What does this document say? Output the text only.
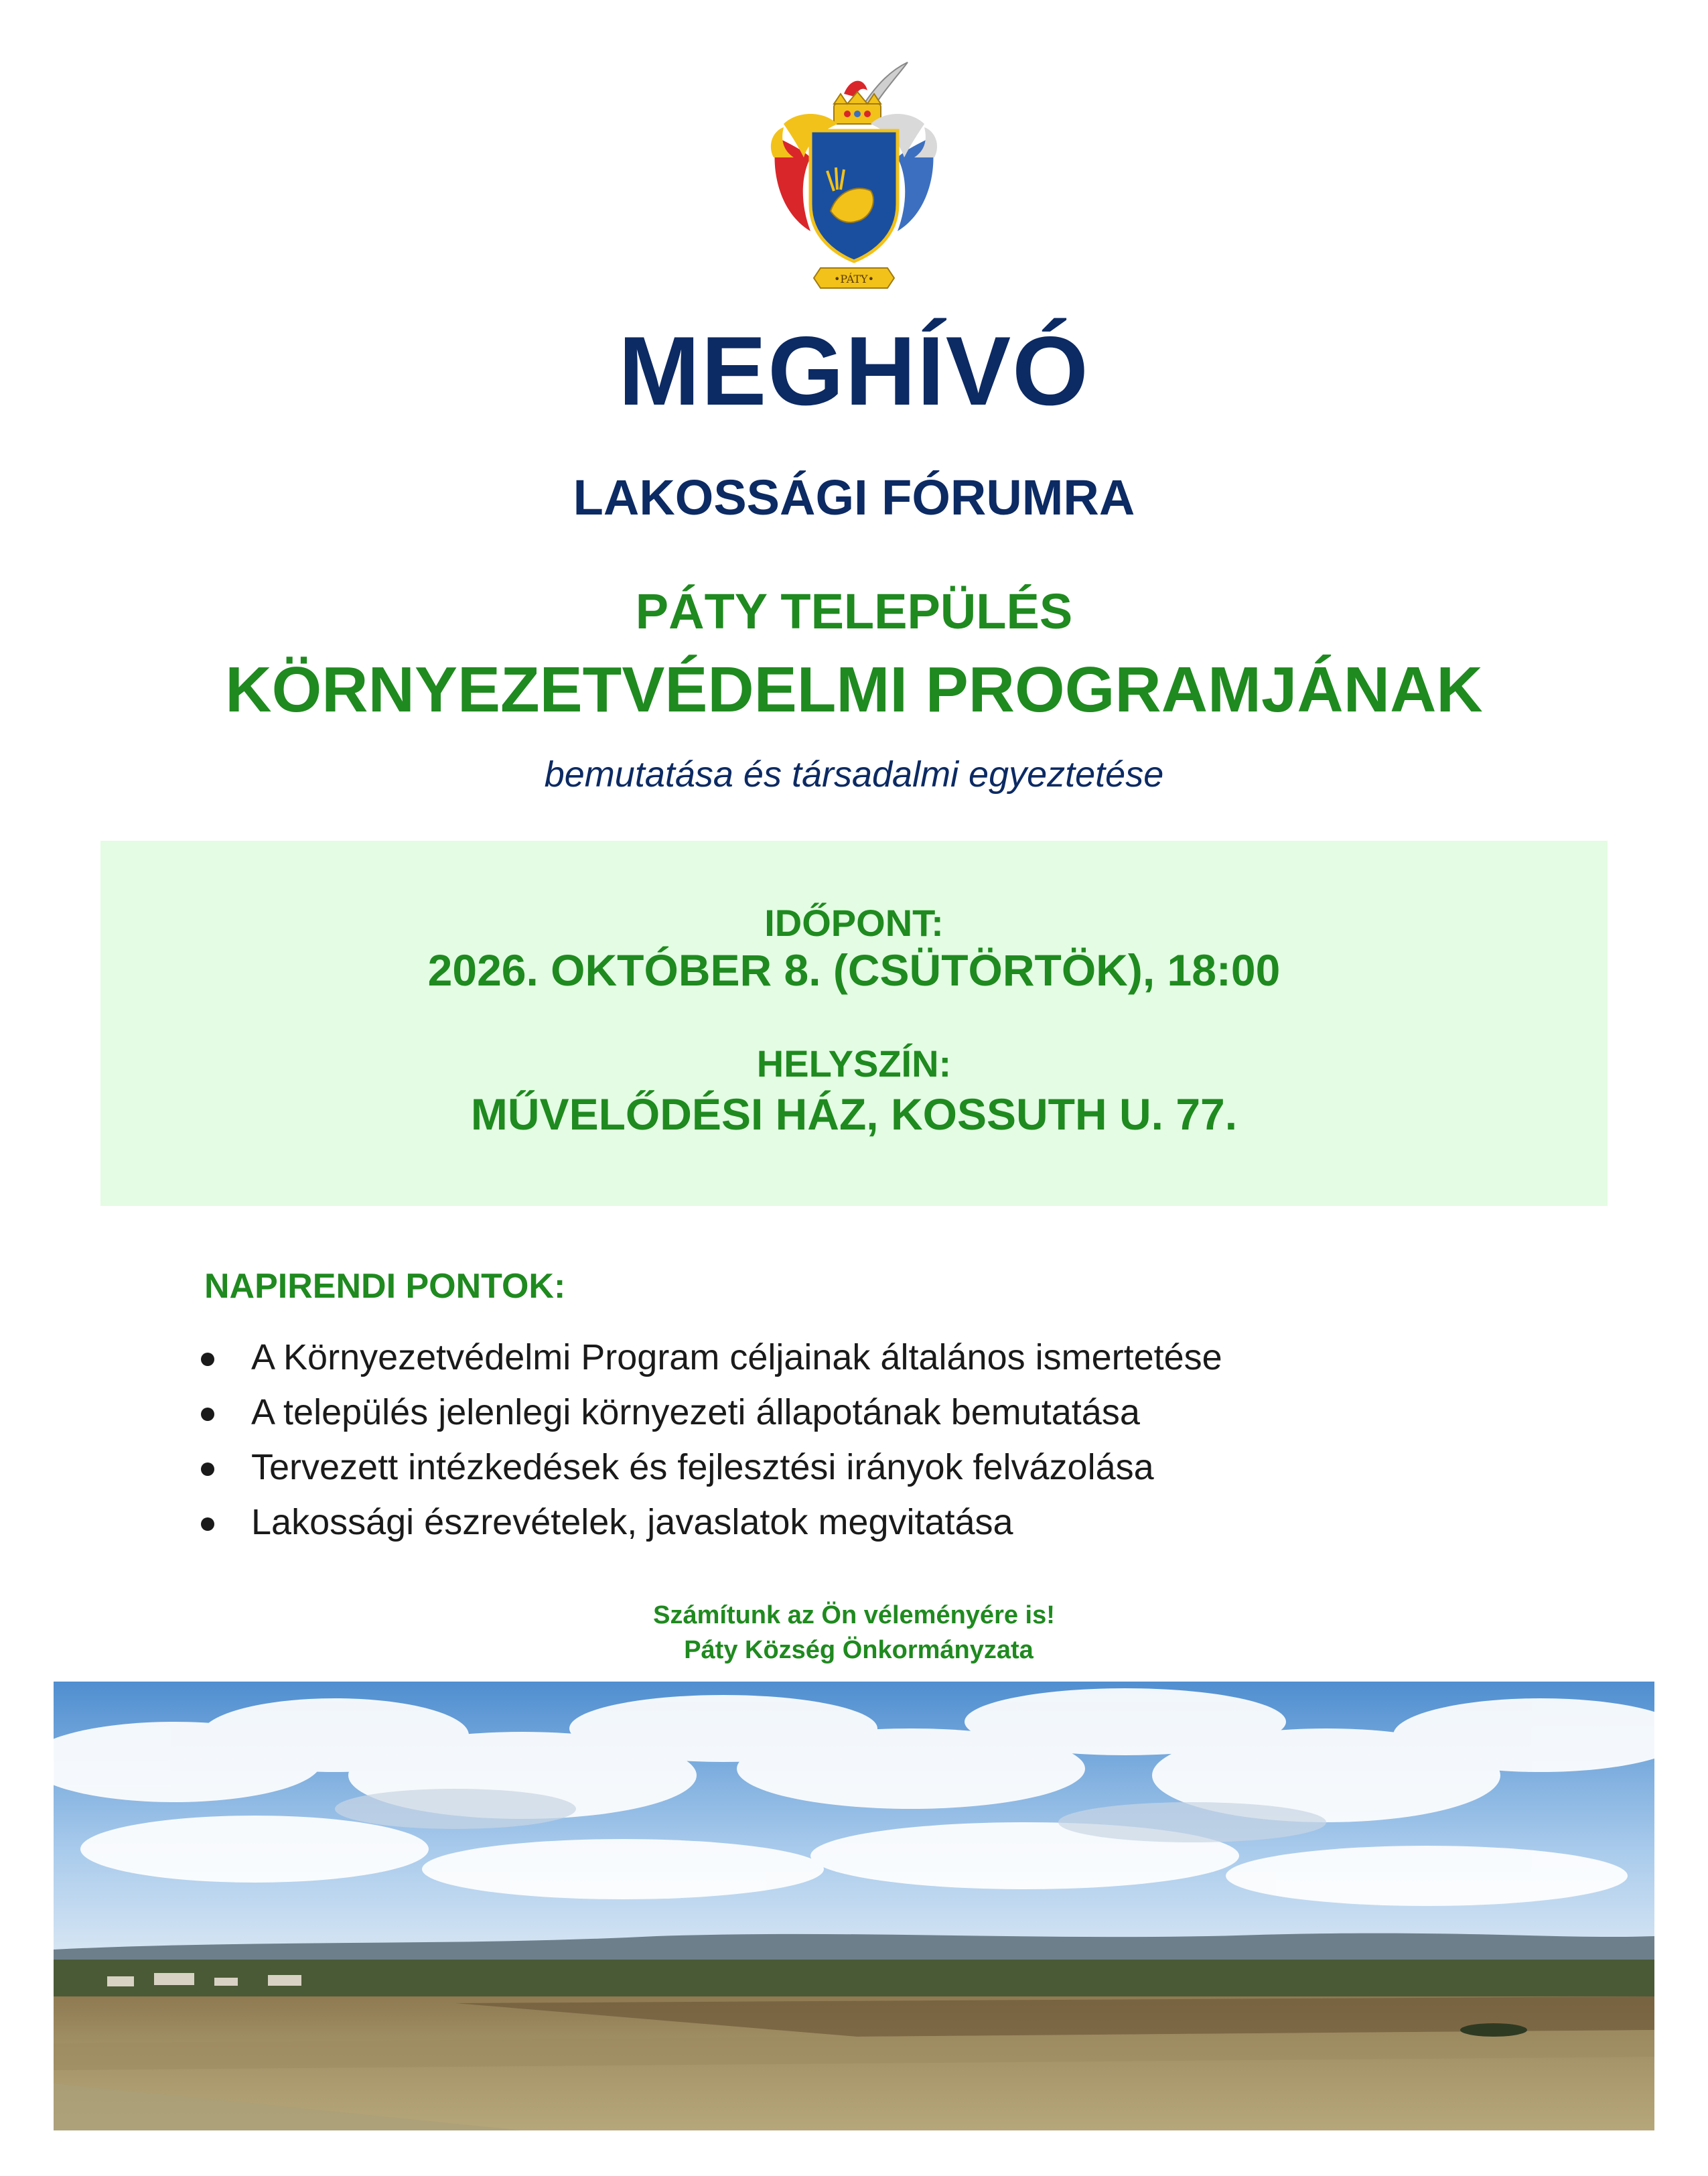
•PÁTY•
MEGHÍVÓ
LAKOSSÁGI FÓRUMRA
PÁTY TELEPÜLÉS
KÖRNYEZETVÉDELMI PROGRAMJÁNAK
bemutatása és társadalmi egyeztetése
IDŐPONT:
2026. OKTÓBER 8. (CSÜTÖRTÖK), 18:00
HELYSZÍN:
MŰVELŐDÉSI HÁZ, KOSSUTH U. 77.
NAPIRENDI PONTOK:
A Környezetvédelmi Program céljainak általános ismertetése
A település jelenlegi környezeti állapotának bemutatása
Tervezett intézkedések és fejlesztési irányok felvázolása
Lakossági észrevételek, javaslatok megvitatása
Számítunk az Ön véleményére is!
Páty Község Önkormányzata
